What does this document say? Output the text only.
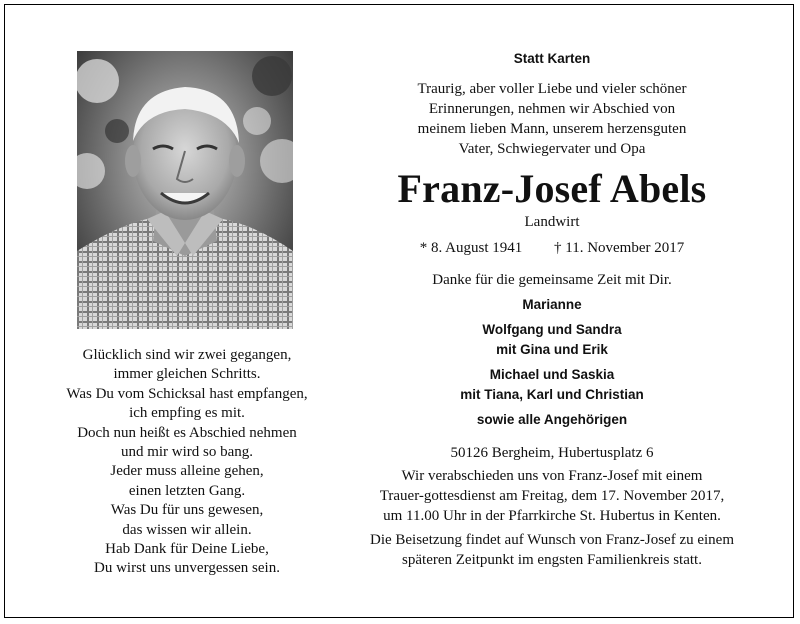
Glücklich sind wir zwei gegangen,
immer gleichen Schritts.
Was Du vom Schicksal hast empfangen,
ich empfing es mit.
Doch nun heißt es Abschied nehmen
und mir wird so bang.
Jeder muss alleine gehen,
einen letzten Gang.
Was Du für uns gewesen,
das wissen wir allein.
Hab Dank für Deine Liebe,
Du wirst uns unvergessen sein.
Statt Karten
Traurig, aber voller Liebe und vieler schöner
Erinnerungen, nehmen wir Abschied von
meinem lieben Mann, unserem herzensguten
Vater, Schwiegervater und Opa
Franz-Josef Abels
Landwirt
* 8. August 1941 † 11. November 2017
Danke für die gemeinsame Zeit mit Dir.
Marianne
Wolfgang und Sandra
mit Gina und Erik
Michael und Saskia
mit Tiana, Karl und Christian
sowie alle Angehörigen
50126 Bergheim, Hubertusplatz 6
Wir verabschieden uns von Franz-Josef mit einem
Trauer-gottesdienst am Freitag, dem 17. November 2017,
um 11.00 Uhr in der Pfarrkirche St. Hubertus in Kenten.
Die Beisetzung findet auf Wunsch von Franz-Josef zu einem
späteren Zeitpunkt im engsten Familienkreis statt.
